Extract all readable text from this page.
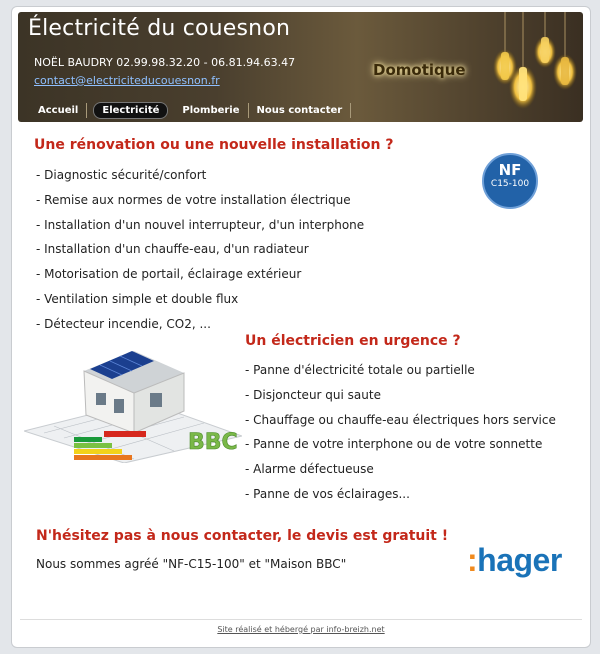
Électricité du couesnon
NOËL BAUDRY 02.99.98.32.20 - 06.81.94.63.47
contact@electriciteducouesnon.fr
Domotique
Accueil	Electricité	Plomberie	Nous contacter
Une rénovation ou une nouvelle installation ?
NF
C15-100
- Diagnostic sécurité/confort
- Remise aux normes de votre installation électrique
- Installation d'un nouvel interrupteur, d'un interphone
- Installation d'un chauffe-eau, d'un radiateur
- Motorisation de portail, éclairage extérieur
- Ventilation simple et double flux
- Détecteur incendie, CO2, ...
BBC
Un électricien en urgence ?
- Panne d'électricité totale ou partielle
- Disjoncteur qui saute
- Chauffage ou chauffe-eau électriques hors service
- Panne de votre interphone ou de votre sonnette
- Alarme défectueuse
- Panne de vos éclairages...
N'hésitez pas à nous contacter, le devis est gratuit !
Nous sommes agréé "NF-C15-100" et "Maison BBC"	:hager
Site réalisé et hébergé par info-breizh.net
